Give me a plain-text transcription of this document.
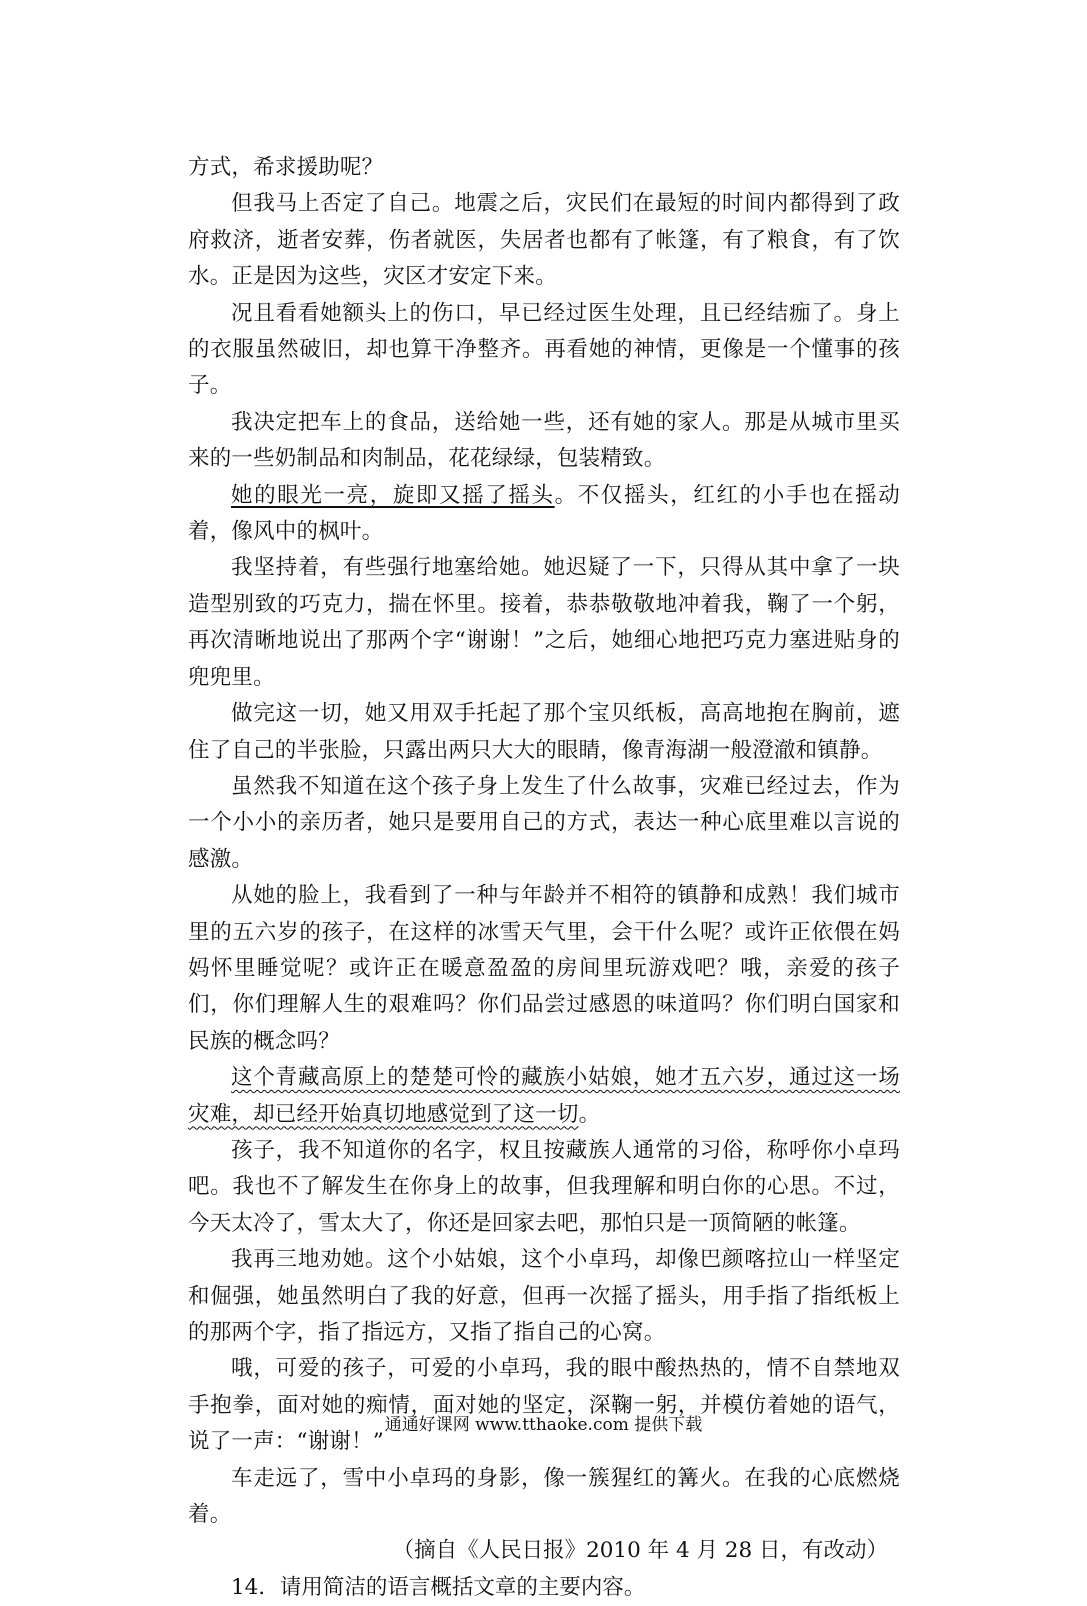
方式，希求援助呢？

但我马上否定了自己。地震之后，灾民们在最短的时间内都得到了政府救济，逝者安葬，伤者就医，失居者也都有了帐篷，有了粮食，有了饮水。正是因为这些，灾区才安定下来。

况且看看她额头上的伤口，早已经过医生处理，且已经结痂了。身上的衣服虽然破旧，却也算干净整齐。再看她的神情，更像是一个懂事的孩子。

我决定把车上的食品，送给她一些，还有她的家人。那是从城市里买来的一些奶制品和肉制品，花花绿绿，包装精致。

她的眼光一亮，旋即又摇了摇头。不仅摇头，红红的小手也在摇动着，像风中的枫叶。

我坚持着，有些强行地塞给她。她迟疑了一下，只得从其中拿了一块造型别致的巧克力，揣在怀里。接着，恭恭敬敬地冲着我，鞠了一个躬，再次清晰地说出了那两个字“谢谢！”之后，她细心地把巧克力塞进贴身的兜兜里。

做完这一切，她又用双手托起了那个宝贝纸板，高高地抱在胸前，遮住了自己的半张脸，只露出两只大大的眼睛，像青海湖一般澄澈和镇静。

虽然我不知道在这个孩子身上发生了什么故事，灾难已经过去，作为一个小小的亲历者，她只是要用自己的方式，表达一种心底里难以言说的感激。

从她的脸上，我看到了一种与年龄并不相符的镇静和成熟！我们城市里的五六岁的孩子，在这样的冰雪天气里，会干什么呢？或许正依偎在妈妈怀里睡觉呢？或许正在暖意盈盈的房间里玩游戏吧？哦，亲爱的孩子们，你们理解人生的艰难吗？你们品尝过感恩的味道吗？你们明白国家和民族的概念吗？

这个青藏高原上的楚楚可怜的藏族小姑娘，她才五六岁，通过这一场灾难，却已经开始真切地感觉到了这一切。

孩子，我不知道你的名字，权且按藏族人通常的习俗，称呼你小卓玛吧。我也不了解发生在你身上的故事，但我理解和明白你的心思。不过，今天太冷了，雪太大了，你还是回家去吧，那怕只是一顶简陋的帐篷。

我再三地劝她。这个小姑娘，这个小卓玛，却像巴颜喀拉山一样坚定和倔强，她虽然明白了我的好意，但再一次摇了摇头，用手指了指纸板上的那两个字，指了指远方，又指了指自己的心窝。

哦，可爱的孩子，可爱的小卓玛，我的眼中酸热热的，情不自禁地双手抱拳，面对她的痴情，面对她的坚定，深鞠一躬，并模仿着她的语气，说了一声：“谢谢！”

车走远了，雪中小卓玛的身影，像一簇猩红的篝火。在我的心底燃烧着。

（摘自《人民日报》2010 年 4 月 28 日，有改动）

14．请用简洁的语言概括文章的主要内容。

通通好课网 www.tthaoke.com 提供下载
